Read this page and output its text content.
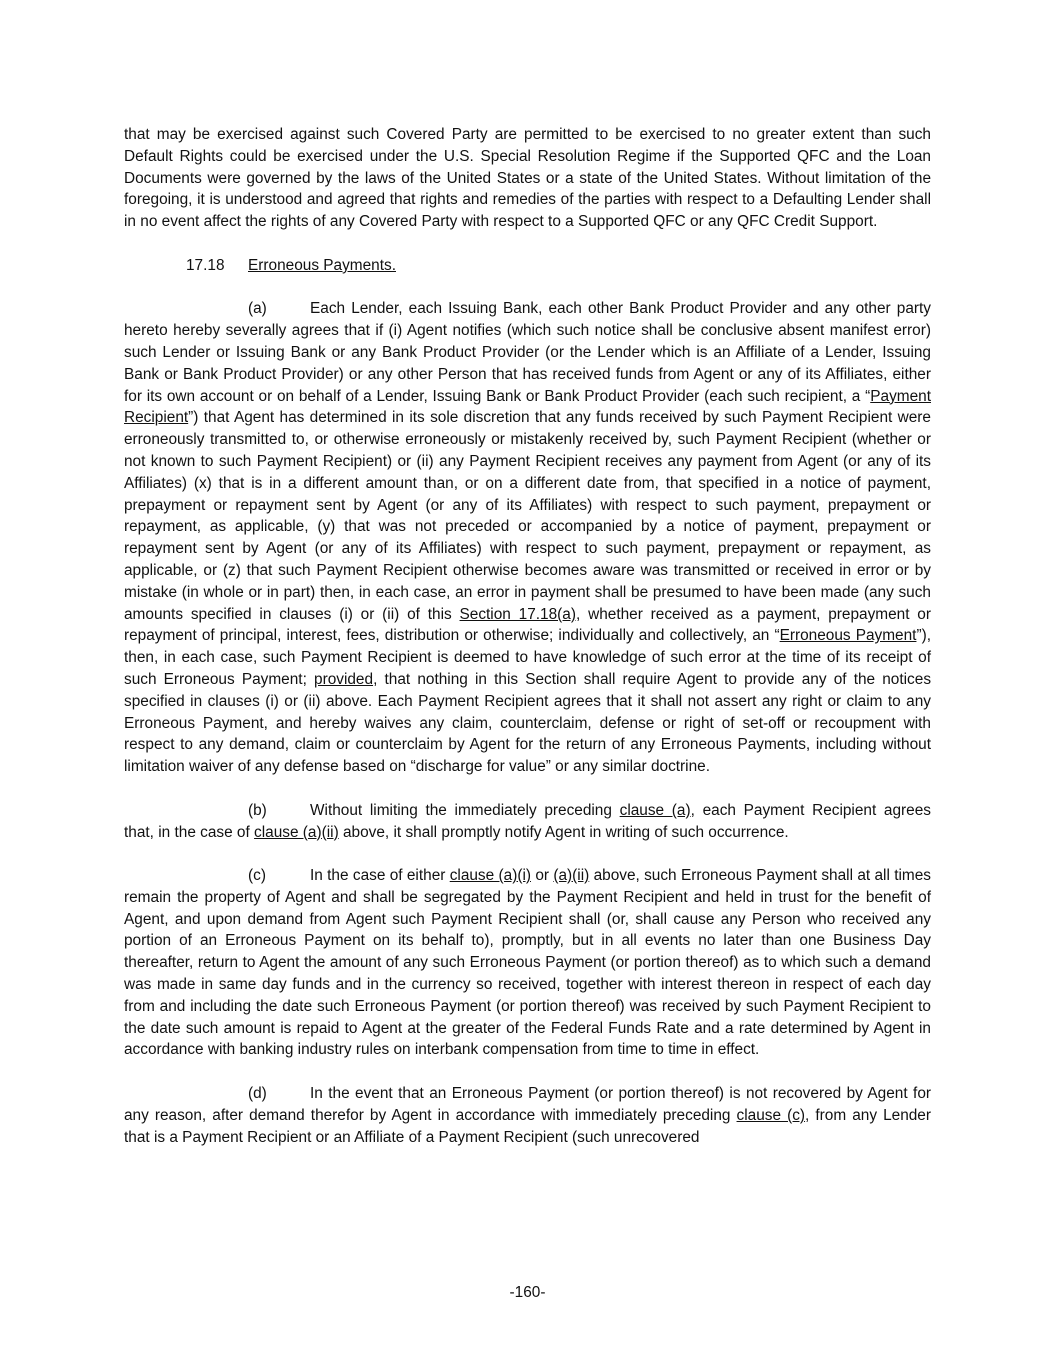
that may be exercised against such Covered Party are permitted to be exercised to no greater extent than such Default Rights could be exercised under the U.S. Special Resolution Regime if the Supported QFC and the Loan Documents were governed by the laws of the United States or a state of the United States. Without limitation of the foregoing, it is understood and agreed that rights and remedies of the parties with respect to a Defaulting Lender shall in no event affect the rights of any Covered Party with respect to a Supported QFC or any QFC Credit Support.

17.18 Erroneous Payments.

(a)	Each Lender, each Issuing Bank, each other Bank Product Provider and any other party hereto hereby severally agrees that if (i) Agent notifies (which such notice shall be conclusive absent manifest error) such Lender or Issuing Bank or any Bank Product Provider (or the Lender which is an Affiliate of a Lender, Issuing Bank or Bank Product Provider) or any other Person that has received funds from Agent or any of its Affiliates, either for its own account or on behalf of a Lender, Issuing Bank or Bank Product Provider (each such recipient, a “Payment Recipient”) that Agent has determined in its sole discretion that any funds received by such Payment Recipient were erroneously transmitted to, or otherwise erroneously or mistakenly received by, such Payment Recipient (whether or not known to such Payment Recipient) or (ii) any Payment Recipient receives any payment from Agent (or any of its Affiliates) (x) that is in a different amount than, or on a different date from, that specified in a notice of payment, prepayment or repayment sent by Agent (or any of its Affiliates) with respect to such payment, prepayment or repayment, as applicable, (y) that was not preceded or accompanied by a notice of payment, prepayment or repayment sent by Agent (or any of its Affiliates) with respect to such payment, prepayment or repayment, as applicable, or (z) that such Payment Recipient otherwise becomes aware was transmitted or received in error or by mistake (in whole or in part) then, in each case, an error in payment shall be presumed to have been made (any such amounts specified in clauses (i) or (ii) of this Section 17.18(a), whether received as a payment, prepayment or repayment of principal, interest, fees, distribution or otherwise; individually and collectively, an “Erroneous Payment”), then, in each case, such Payment Recipient is deemed to have knowledge of such error at the time of its receipt of such Erroneous Payment; provided, that nothing in this Section shall require Agent to provide any of the notices specified in clauses (i) or (ii) above. Each Payment Recipient agrees that it shall not assert any right or claim to any Erroneous Payment, and hereby waives any claim, counterclaim, defense or right of set-off or recoupment with respect to any demand, claim or counterclaim by Agent for the return of any Erroneous Payments, including without limitation waiver of any defense based on “discharge for value” or any similar doctrine.

(b)	Without limiting the immediately preceding clause (a), each Payment Recipient agrees that, in the case of clause (a)(ii) above, it shall promptly notify Agent in writing of such occurrence.

(c)	In the case of either clause (a)(i) or (a)(ii) above, such Erroneous Payment shall at all times remain the property of Agent and shall be segregated by the Payment Recipient and held in trust for the benefit of Agent, and upon demand from Agent such Payment Recipient shall (or, shall cause any Person who received any portion of an Erroneous Payment on its behalf to), promptly, but in all events no later than one Business Day thereafter, return to Agent the amount of any such Erroneous Payment (or portion thereof) as to which such a demand was made in same day funds and in the currency so received, together with interest thereon in respect of each day from and including the date such Erroneous Payment (or portion thereof) was received by such Payment Recipient to the date such amount is repaid to Agent at the greater of the Federal Funds Rate and a rate determined by Agent in accordance with banking industry rules on interbank compensation from time to time in effect.

(d)	In the event that an Erroneous Payment (or portion thereof) is not recovered by Agent for any reason, after demand therefor by Agent in accordance with immediately preceding clause (c), from any Lender that is a Payment Recipient or an Affiliate of a Payment Recipient (such unrecovered

-160-
